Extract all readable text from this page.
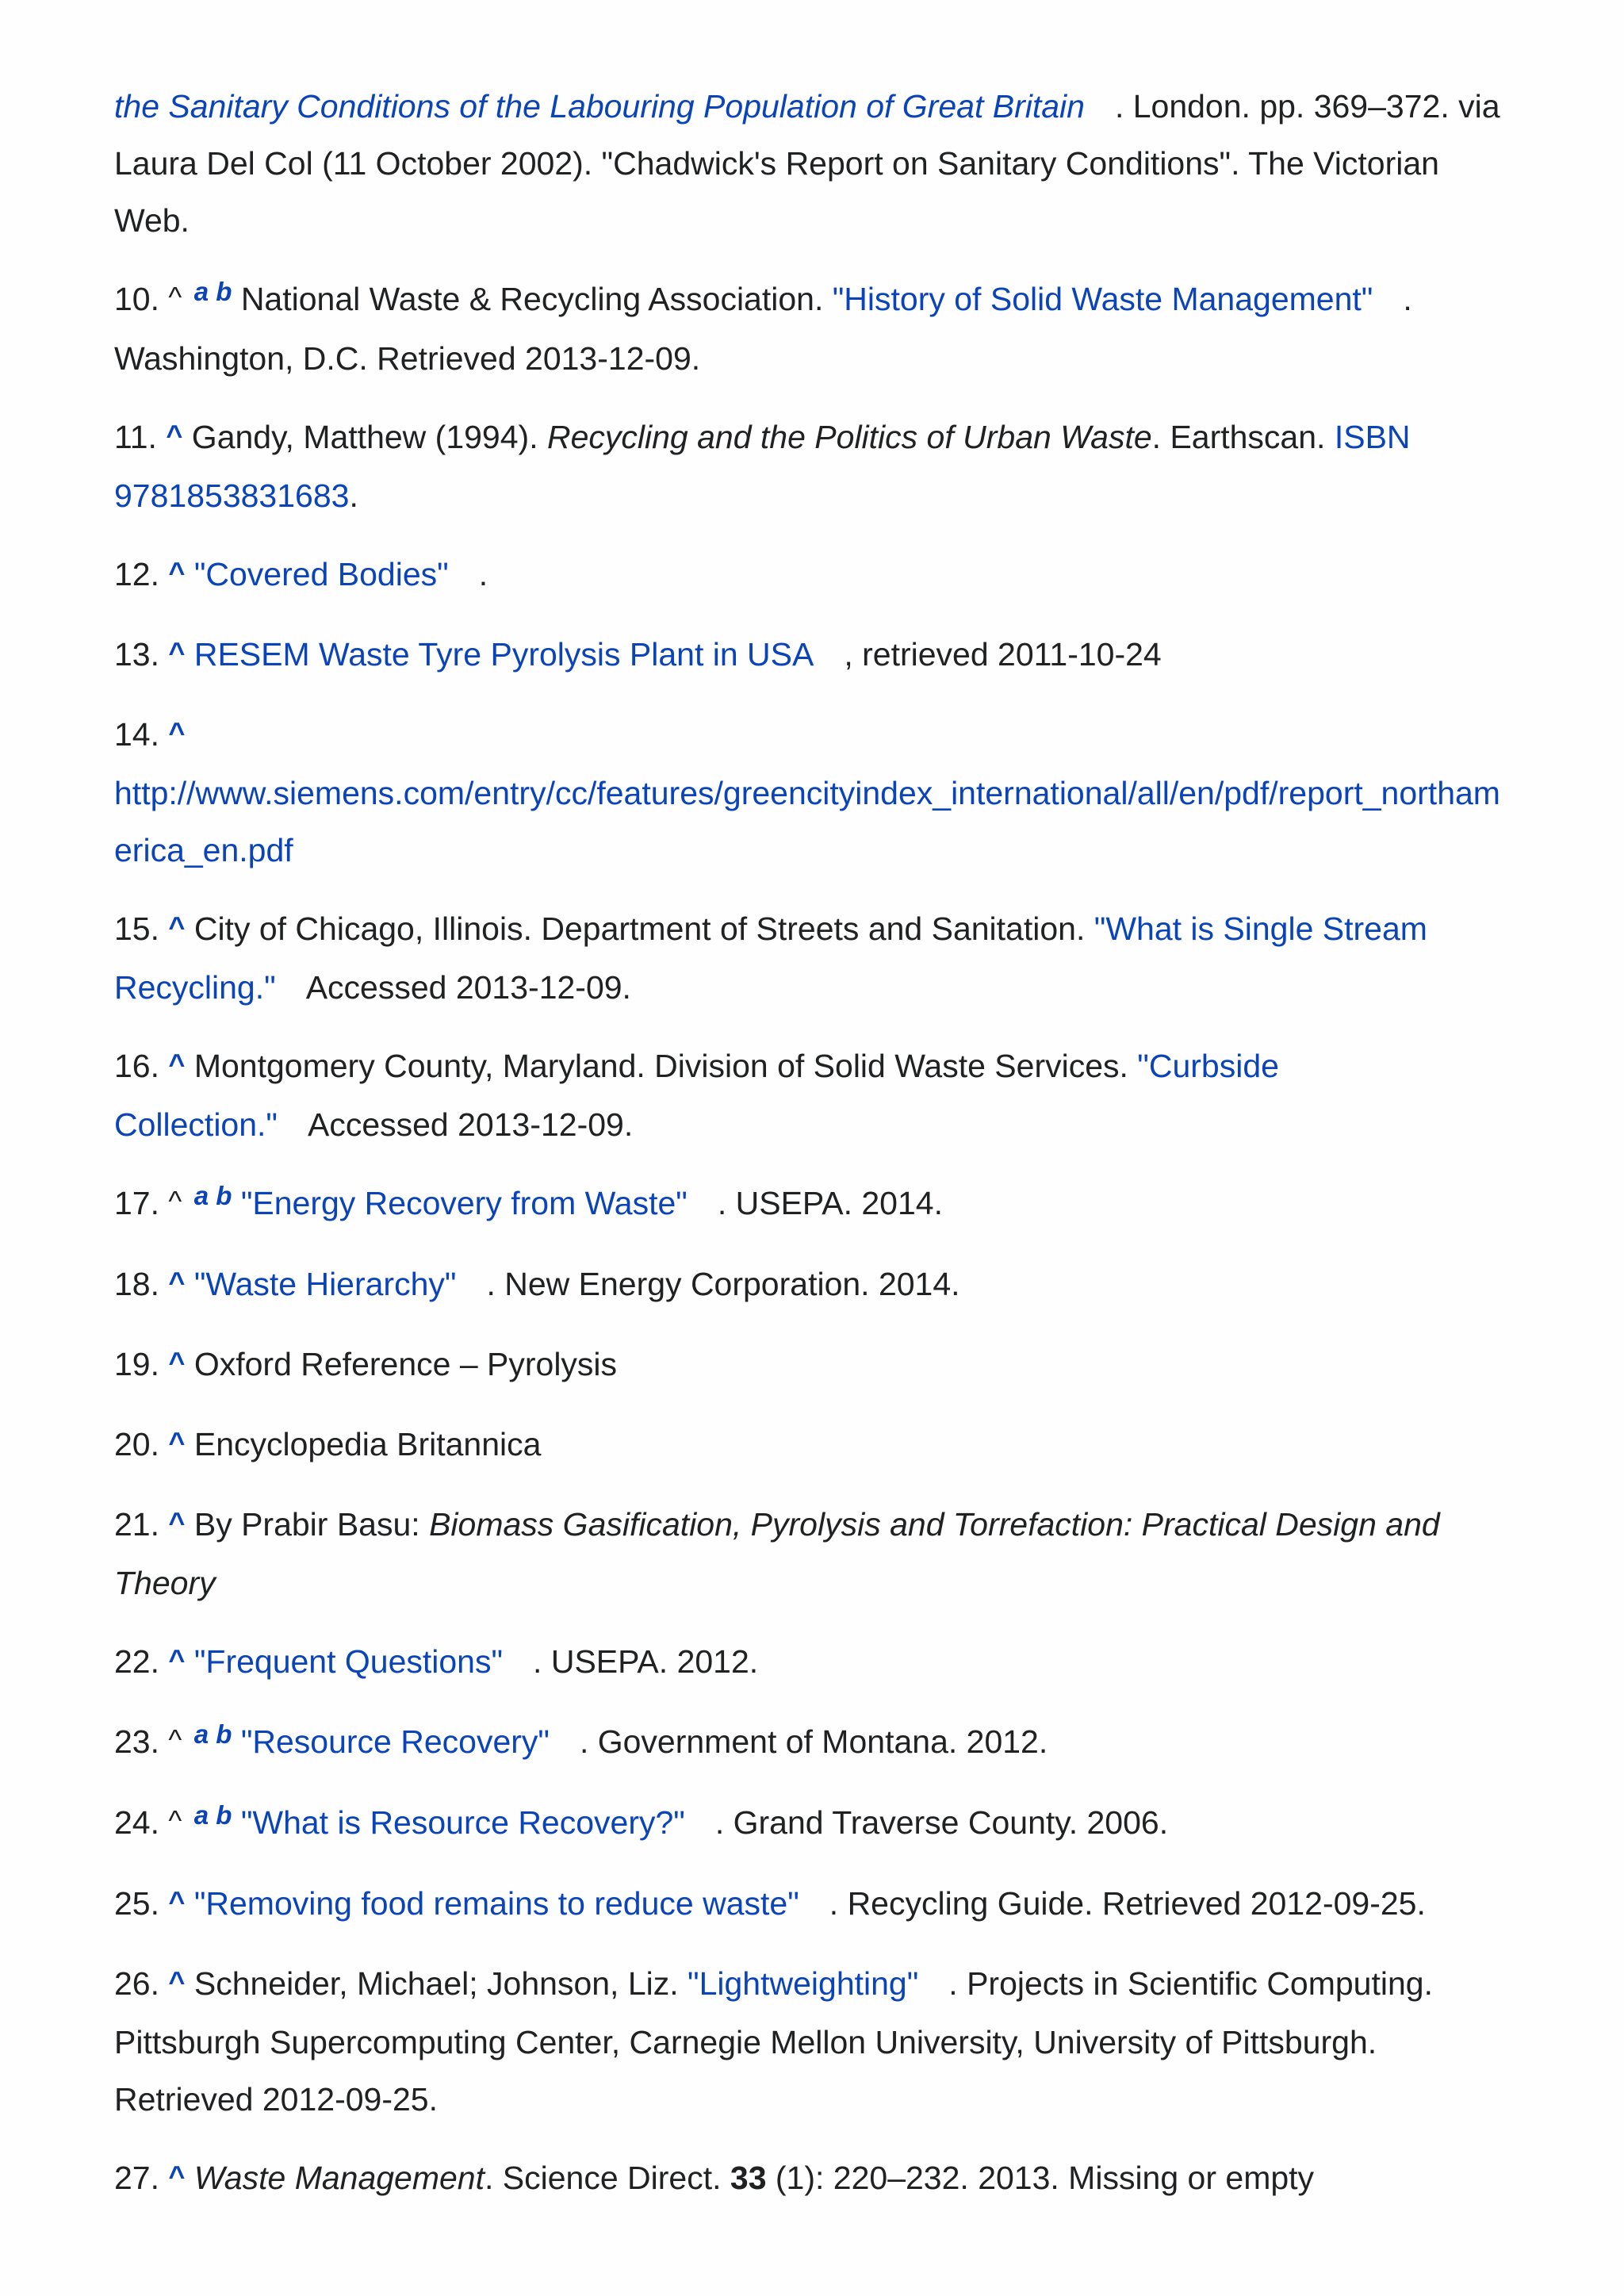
the Sanitary Conditions of the Labouring Population of Great Britain . London. pp. 369–372. via Laura Del Col (11 October 2002). "Chadwick's Report on Sanitary Conditions". The Victorian Web.
10. ^ $^{a b}$ National Waste & Recycling Association. "History of Solid Waste Management" . Washington, D.C. Retrieved 2013-12-09.
11. ^ Gandy, Matthew (1994). Recycling and the Politics of Urban Waste. Earthscan. ISBN 9781853831683.
12. ^ "Covered Bodies" .
13. ^ RESEM Waste Tyre Pyrolysis Plant in USA , retrieved 2011-10-24
14. ^
http://www.siemens.com/entry/cc/features/greencityindex_international/all/en/pdf/report_northamerica_en.pdf
15. ^ City of Chicago, Illinois. Department of Streets and Sanitation. "What is Single Stream Recycling." Accessed 2013-12-09.
16. ^ Montgomery County, Maryland. Division of Solid Waste Services. "Curbside Collection." Accessed 2013-12-09.
17. ^ $^{a b}$ "Energy Recovery from Waste" . USEPA. 2014.
18. ^ "Waste Hierarchy" . New Energy Corporation. 2014.
19. ^ Oxford Reference – Pyrolysis
20. ^ Encyclopedia Britannica
21. ^ By Prabir Basu: Biomass Gasification, Pyrolysis and Torrefaction: Practical Design and Theory
22. ^ "Frequent Questions" . USEPA. 2012.
23. ^ $^{a b}$ "Resource Recovery" . Government of Montana. 2012.
24. ^ $^{a b}$ "What is Resource Recovery?" . Grand Traverse County. 2006.
25. ^ "Removing food remains to reduce waste" . Recycling Guide. Retrieved 2012-09-25.
26. ^ Schneider, Michael; Johnson, Liz. "Lightweighting" . Projects in Scientific Computing. Pittsburgh Supercomputing Center, Carnegie Mellon University, University of Pittsburgh. Retrieved 2012-09-25.
27. ^ Waste Management. Science Direct. 33 (1): 220–232. 2013. Missing or empty
